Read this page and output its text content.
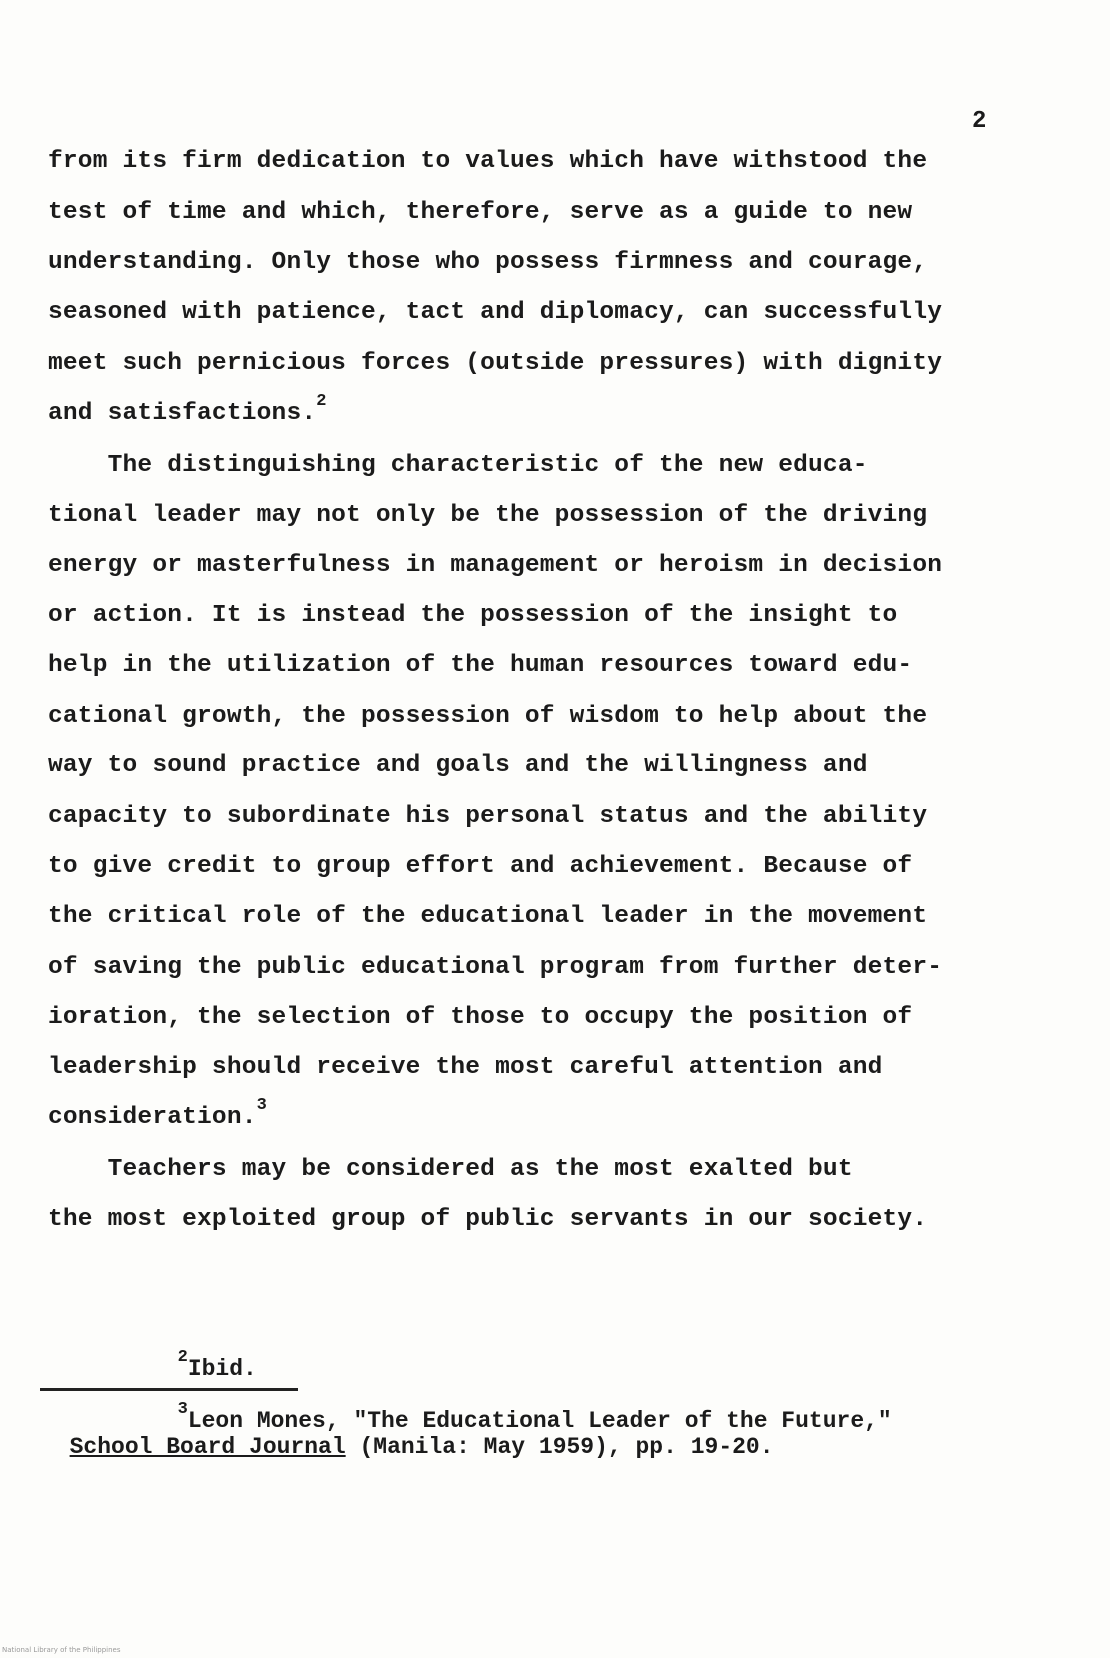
2
from its firm dedication to values which have withstood the
test of time and which, therefore, serve as a guide to new
understanding. Only those who possess firmness and courage,
seasoned with patience, tact and diplomacy, can successfully
meet such pernicious forces (outside pressures) with dignity
and satisfactions.$^2$
The distinguishing characteristic of the new educa-
tional leader may not only be the possession of the driving
energy or masterfulness in management or heroism in decision
or action. It is instead the possession of the insight to
help in the utilization of the human resources toward edu-
cational growth, the possession of wisdom to help about the
way to sound practice and goals and the willingness and
capacity to subordinate his personal status and the ability
to give credit to group effort and achievement. Because of
the critical role of the educational leader in the movement
of saving the public educational program from further deter-
ioration, the selection of those to occupy the position of
leadership should receive the most careful attention and
consideration.$^3$
Teachers may be considered as the most exalted but
the most exploited group of public servants in our society.

$^2$Ibid.

$^3$Leon Mones, "The Educational Leader of the Future,"

School Board Journal (Manila: May 1959), pp. 19-20.

National Library of the Philippines
